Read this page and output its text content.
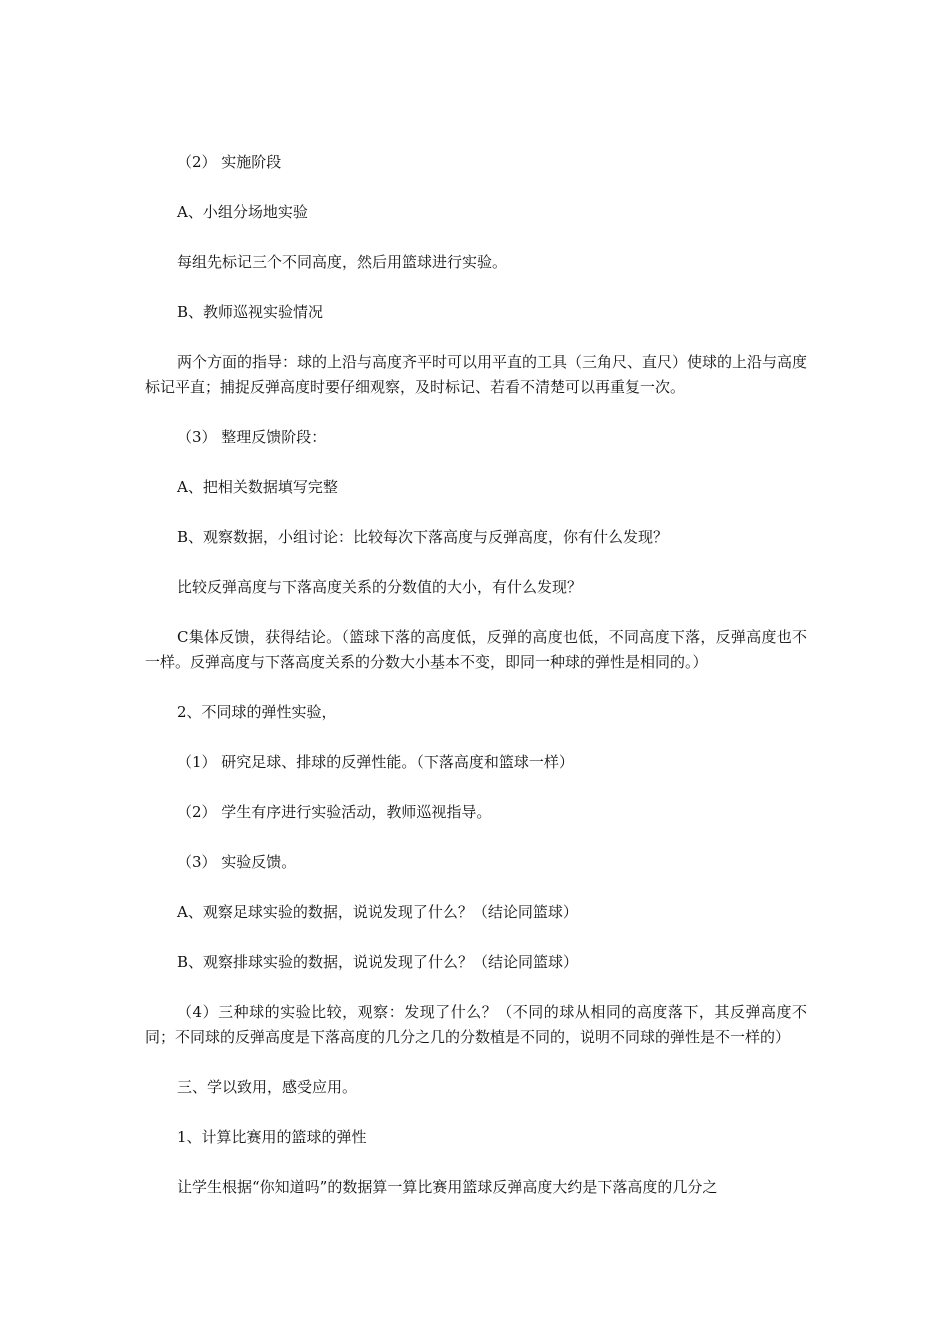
（2） 实施阶段

A、小组分场地实验

每组先标记三个不同高度，然后用篮球进行实验。

B、教师巡视实验情况

两个方面的指导：球的上沿与高度齐平时可以用平直的工具（三角尺、直尺）使球的上沿与高度标记平直；捕捉反弹高度时要仔细观察，及时标记、若看不清楚可以再重复一次。

（3） 整理反馈阶段：

A、把相关数据填写完整

B、观察数据，小组讨论：比较每次下落高度与反弹高度，你有什么发现？

比较反弹高度与下落高度关系的分数值的大小，有什么发现？

C集体反馈，获得结论。（篮球下落的高度低，反弹的高度也低，不同高度下落，反弹高度也不一样。反弹高度与下落高度关系的分数大小基本不变，即同一种球的弹性是相同的。）

2、不同球的弹性实验，

（1） 研究足球、排球的反弹性能。（下落高度和篮球一样）

（2） 学生有序进行实验活动，教师巡视指导。

（3） 实验反馈。

A、观察足球实验的数据，说说发现了什么？（结论同篮球）

B、观察排球实验的数据，说说发现了什么？（结论同篮球）

（4）三种球的实验比较，观察：发现了什么？（不同的球从相同的高度落下，其反弹高度不同；不同球的反弹高度是下落高度的几分之几的分数植是不同的，说明不同球的弹性是不一样的）

三、学以致用，感受应用。

1、计算比赛用的篮球的弹性

让学生根据“你知道吗”的数据算一算比赛用篮球反弹高度大约是下落高度的几分之
